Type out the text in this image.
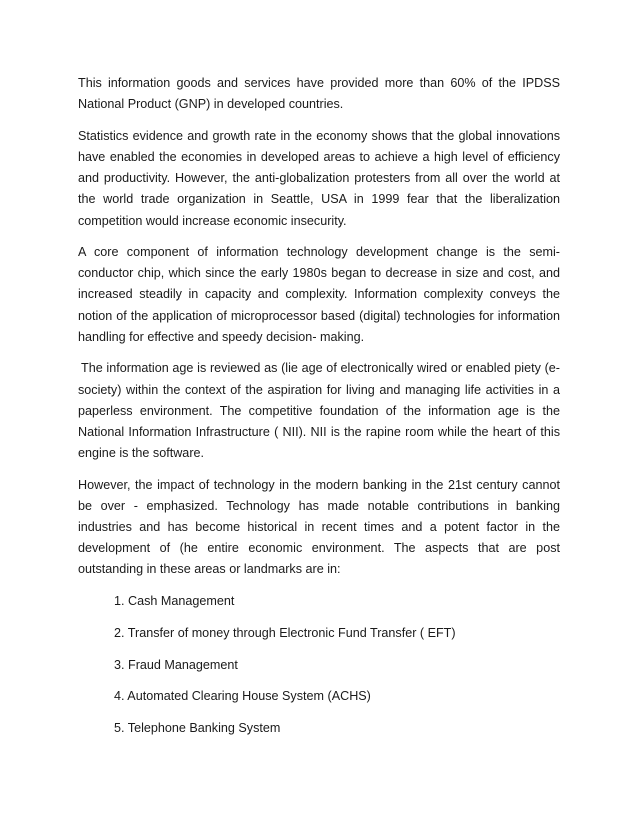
This information goods and services have provided more than 60% of the IPDSS National Product (GNP) in developed countries.

Statistics evidence and growth rate in the economy shows that the global innovations have enabled the economies in developed areas to achieve a high level of efficiency and productivity. However, the anti-globalization protesters from all over the world at the world trade organization in Seattle, USA in 1999 fear that the liberalization competition would increase economic insecurity.

A core component of information technology development change is the semi-conductor chip, which since the early 1980s began to decrease in size and cost, and increased steadily in capacity and complexity. Information complexity conveys the notion of the application of microprocessor based (digital) technologies for information handling for effective and speedy decision- making.

The information age is reviewed as (lie age of electronically wired or enabled piety (e-society) within the context of the aspiration for living and managing life activities in a paperless environment. The competitive foundation of the information age is the National Information Infrastructure ( NII). NII is the rapine room while the heart of this engine is the software.

However, the impact of technology in the modern banking in the 21st century cannot be over - emphasized. Technology has made notable contributions in banking industries and has become historical in recent times and a potent factor in the development of (he entire economic environment. The aspects that are post outstanding in these areas or landmarks are in:

1. Cash Management
2. Transfer of money through Electronic Fund Transfer ( EFT)
3. Fraud Management
4. Automated Clearing House System (ACHS)
5. Telephone Banking System
